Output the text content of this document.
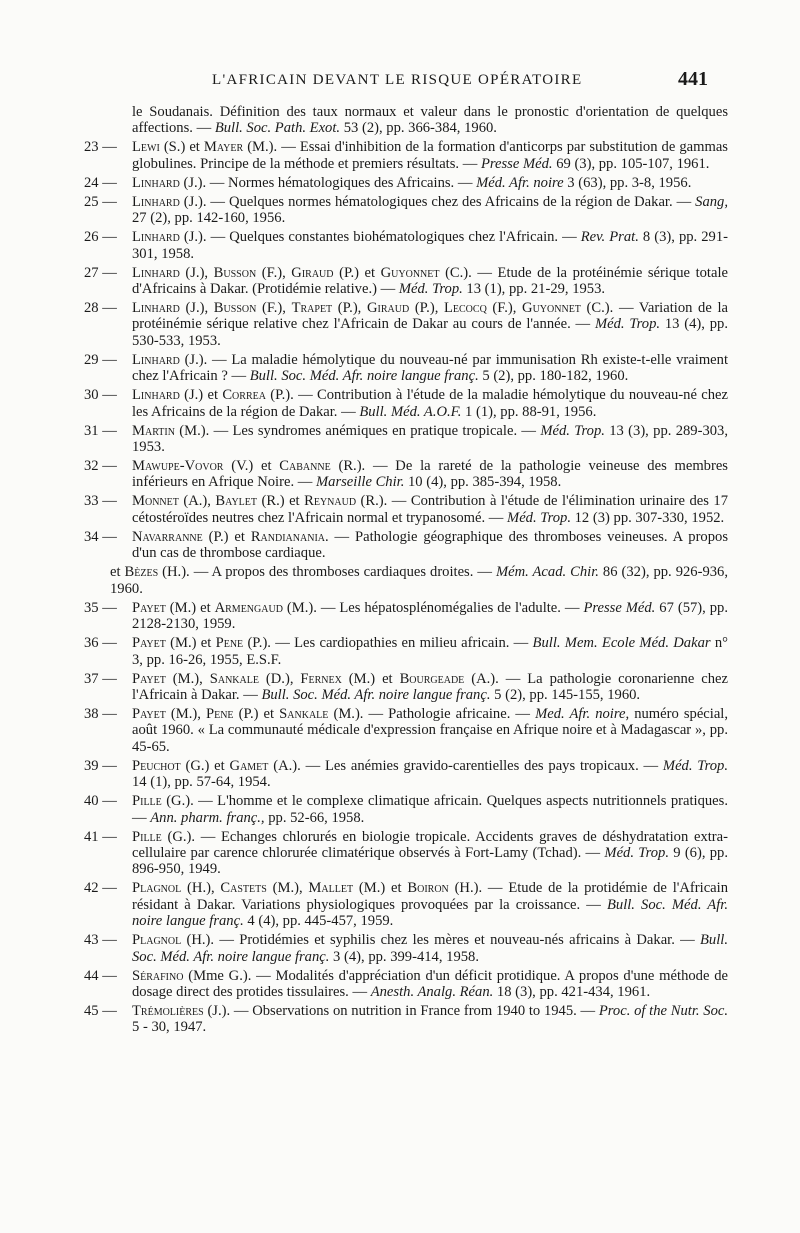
L'AFRICAIN DEVANT LE RISQUE OPÉRATOIRE	441
le Soudanais. Définition des taux normaux et valeur dans le pronostic d'orientation de quelques affections. — Bull. Soc. Path. Exot. 53 (2), pp. 366-384, 1960.
23 —	Lewi (S.) et Mayer (M.). — Essai d'inhibition de la formation d'anticorps par substitution de gammas globulines. Principe de la méthode et premiers résultats. — Presse Méd. 69 (3), pp. 105-107, 1961.
24 —	Linhard (J.). — Normes hématologiques des Africains. — Méd. Afr. noire 3 (63), pp. 3-8, 1956.
25 —	Linhard (J.). — Quelques normes hématologiques chez des Africains de la région de Dakar. — Sang, 27 (2), pp. 142-160, 1956.
26 —	Linhard (J.). — Quelques constantes biohématologiques chez l'Africain. — Rev. Prat. 8 (3), pp. 291-301, 1958.
27 —	Linhard (J.), Busson (F.), Giraud (P.) et Guyonnet (C.). — Etude de la protéinémie sérique totale d'Africains à Dakar. (Protidémie relative.) — Méd. Trop. 13 (1), pp. 21-29, 1953.
28 —	Linhard (J.), Busson (F.), Trapet (P.), Giraud (P.), Lecocq (F.), Guyonnet (C.). — Variation de la protéinémie sérique relative chez l'Africain de Dakar au cours de l'année. — Méd. Trop. 13 (4), pp. 530-533, 1953.
29 —	Linhard (J.). — La maladie hémolytique du nouveau-né par immunisation Rh existe-t-elle vraiment chez l'Africain ? — Bull. Soc. Méd. Afr. noire langue franç. 5 (2), pp. 180-182, 1960.
30 —	Linhard (J.) et Correa (P.). — Contribution à l'étude de la maladie hémolytique du nouveau-né chez les Africains de la région de Dakar. — Bull. Méd. A.O.F. 1 (1), pp. 88-91, 1956.
31 —	Martin (M.). — Les syndromes anémiques en pratique tropicale. — Méd. Trop. 13 (3), pp. 289-303, 1953.
32 —	Mawupe-Vovor (V.) et Cabanne (R.). — De la rareté de la pathologie veineuse des membres inférieurs en Afrique Noire. — Marseille Chir. 10 (4), pp. 385-394, 1958.
33 —	Monnet (A.), Baylet (R.) et Reynaud (R.). — Contribution à l'étude de l'élimination urinaire des 17 cétostéroïdes neutres chez l'Africain normal et trypanosomé. — Méd. Trop. 12 (3) pp. 307-330, 1952.
34 —	Navarranne (P.) et Randianania. — Pathologie géographique des thromboses veineuses. A propos d'un cas de thrombose cardiaque.
et Bèzes (H.). — A propos des thromboses cardiaques droites. — Mém. Acad. Chir. 86 (32), pp. 926-936, 1960.
35 —	Payet (M.) et Armengaud (M.). — Les hépatosplénomégalies de l'adulte. — Presse Méd. 67 (57), pp. 2128-2130, 1959.
36 —	Payet (M.) et Pene (P.). — Les cardiopathies en milieu africain. — Bull. Mem. Ecole Méd. Dakar n° 3, pp. 16-26, 1955, E.S.F.
37 —	Payet (M.), Sankale (D.), Fernex (M.) et Bourgeade (A.). — La pathologie coronarienne chez l'Africain à Dakar. — Bull. Soc. Méd. Afr. noire langue franç. 5 (2), pp. 145-155, 1960.
38 —	Payet (M.), Pene (P.) et Sankale (M.). — Pathologie africaine. — Med. Afr. noire, numéro spécial, août 1960. « La communauté médicale d'expression française en Afrique noire et à Madagascar », pp. 45-65.
39 —	Peuchot (G.) et Gamet (A.). — Les anémies gravido-carentielles des pays tropicaux. — Méd. Trop. 14 (1), pp. 57-64, 1954.
40 —	Pille (G.). — L'homme et le complexe climatique africain. Quelques aspects nutritionnels pratiques. — Ann. pharm. franç., pp. 52-66, 1958.
41 —	Pille (G.). — Echanges chlorurés en biologie tropicale. Accidents graves de déshydratation extra-cellulaire par carence chlorurée climatérique observés à Fort-Lamy (Tchad). — Méd. Trop. 9 (6), pp. 896-950, 1949.
42 —	Plagnol (H.), Castets (M.), Mallet (M.) et Boiron (H.). — Etude de la protidémie de l'Africain résidant à Dakar. Variations physiologiques provoquées par la croissance. — Bull. Soc. Méd. Afr. noire langue franç. 4 (4), pp. 445-457, 1959.
43 —	Plagnol (H.). — Protidémies et syphilis chez les mères et nouveau-nés africains à Dakar. — Bull. Soc. Méd. Afr. noire langue franç. 3 (4), pp. 399-414, 1958.
44 —	Sérafino (Mme G.). — Modalités d'appréciation d'un déficit protidique. A propos d'une méthode de dosage direct des protides tissulaires. — Anesth. Analg. Réan. 18 (3), pp. 421-434, 1961.
45 —	Trémolières (J.). — Observations on nutrition in France from 1940 to 1945. — Proc. of the Nutr. Soc. 5 - 30, 1947.
